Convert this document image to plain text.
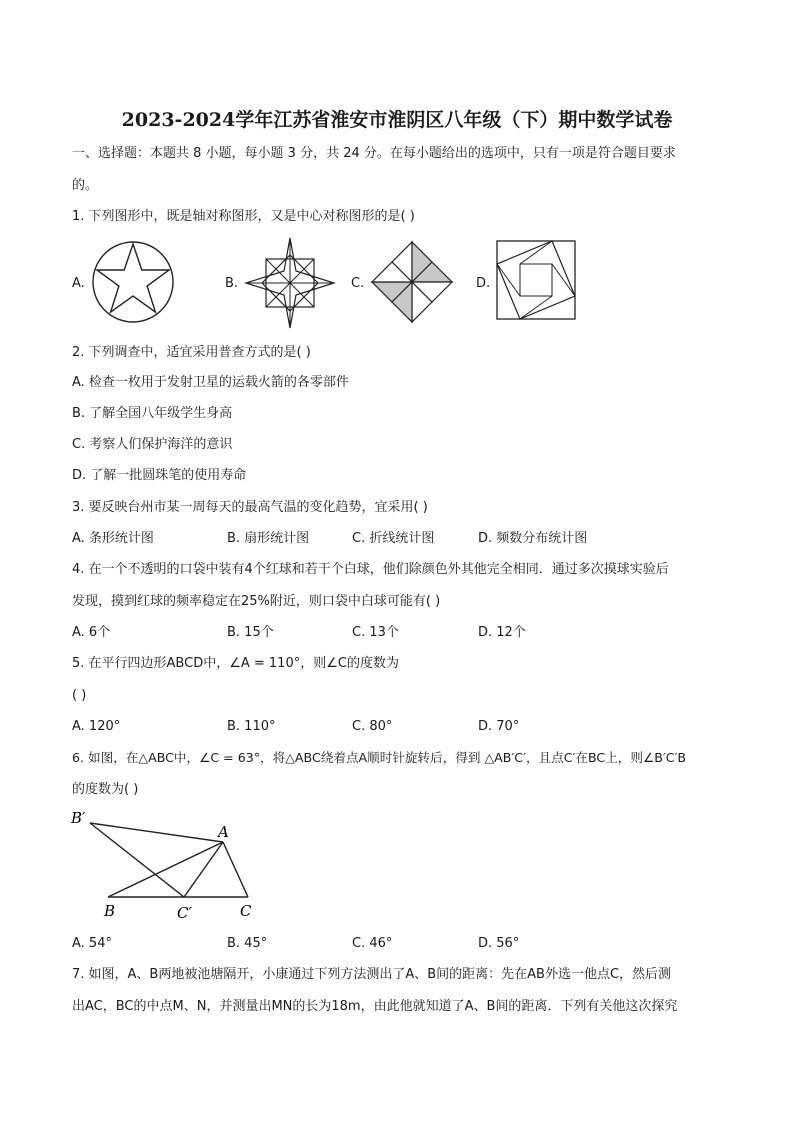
2023-2024学年江苏省淮安市淮阴区八年级（下）期中数学试卷
一、选择题：本题共 8 小题，每小题 3 分，共 24 分。在每小题给出的选项中，只有一项是符合题目要求
的。
1. 下列图形中，既是轴对称图形，又是中心对称图形的是( )
A.	B.	C.	D.
2. 下列调查中，适宜采用普查方式的是( )
A. 检查一枚用于发射卫星的运载火箭的各零部件
B. 了解全国八年级学生身高
C. 考察人们保护海洋的意识
D. 了解一批圆珠笔的使用寿命
3. 要反映台州市某一周每天的最高气温的变化趋势，宜采用( )
A. 条形统计图	B. 扇形统计图	C. 折线统计图	D. 频数分布统计图
4. 在一个不透明的口袋中装有4个红球和若干个白球，他们除颜色外其他完全相同．通过多次摸球实验后
发现，摸到红球的频率稳定在25%附近，则口袋中白球可能有( )
A. 6个	B. 15个	C. 13个	D. 12个
5. 在平行四边形ABCD中，∠A = 110°，则∠C的度数为
( )
A. 120°	B. 110°	C. 80°	D. 70°
6. 如图，在△ABC中，∠C = 63°，将△ABC绕着点A顺时针旋转后，得到 △AB′C′，且点C′在BC上，则∠B′C′B
的度数为( )
B′
A
B	C′	C
A. 54°	B. 45°	C. 46°	D. 56°
7. 如图，A、B两地被池塘隔开，小康通过下列方法测出了A、B间的距离：先在AB外选一他点C，然后测
出AC，BC的中点M、N，并测量出MN的长为18m，由此他就知道了A、B间的距离．下列有关他这次探究
